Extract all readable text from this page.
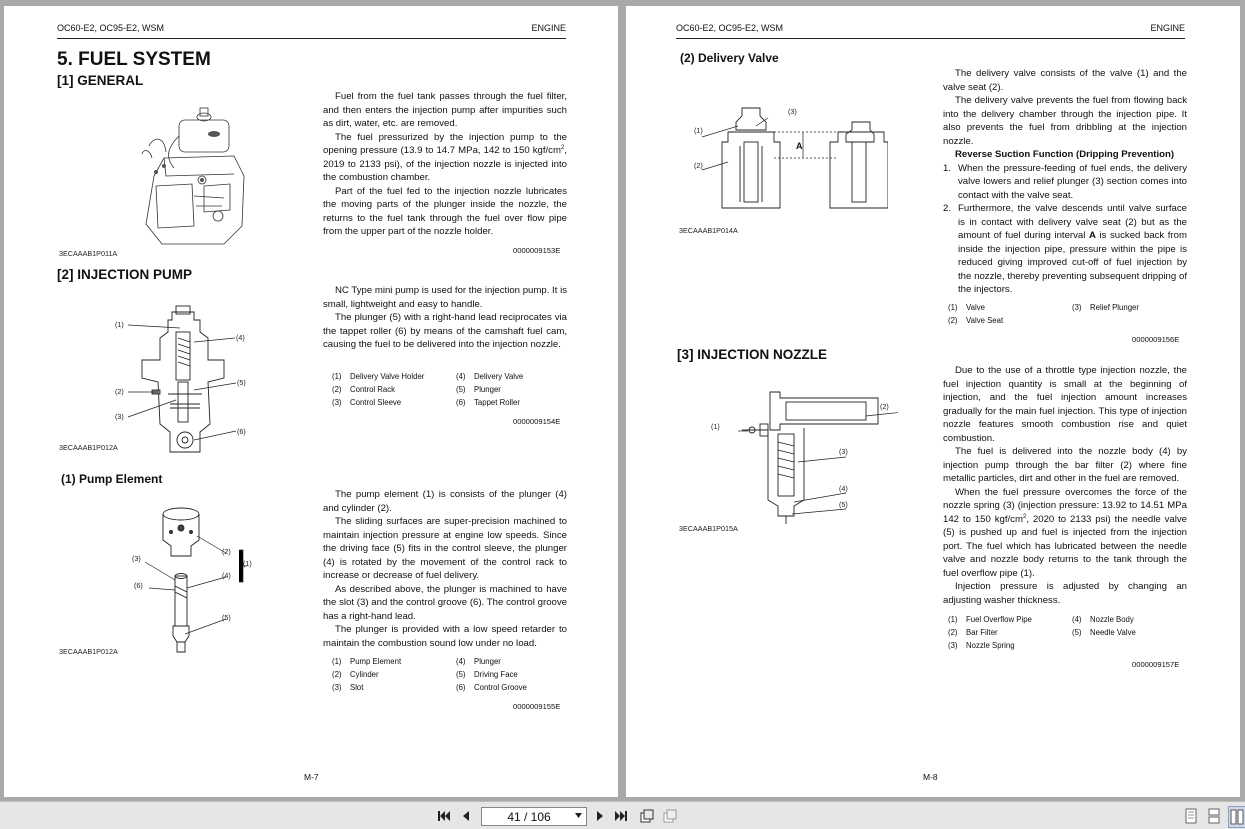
OC60-E2, OC95-E2, WSM	ENGINE
5. FUEL SYSTEM
[1] GENERAL
3ECAAAB1P011A

Fuel from the fuel tank passes through the fuel filter, and then enters the injection pump after impurities such as dirt, water, etc. are removed.

The fuel pressurized by the injection pump to the opening pressure (13.9 to 14.7 MPa, 142 to 150 kgf/$cm^2$, 2019 to 2133 psi), of the injection nozzle is injected into the combustion chamber.

Part of the fuel fed to the injection nozzle lubricates the moving parts of the plunger inside the nozzle, the returns to the fuel tank through the fuel over flow pipe from the upper part of the nozzle holder.

0000009153E
[2] INJECTION PUMP
(1)
(4)
(5)
(2)
(3)
(6)
3ECAAAB1P012A

NC Type mini pump is used for the injection pump. It is small, lightweight and easy to handle.

The plunger (5) with a right-hand lead reciprocates via the tappet roller (6) by means of the camshaft fuel cam, causing the fuel to be delivered into the injection nozzle.

(1)	Delivery Valve Holder	(4)	Delivery Valve
(2)	Control Rack	(5)	Plunger
(3)	Control Sleeve	(6)	Tappet Roller
0000009154E
(1) Pump Element
(2)
(1)
(3)
(4)
(6)
(5)
3ECAAAB1P012A

The pump element (1) is consists of the plunger (4) and cylinder (2).

The sliding surfaces are super-precision machined to maintain injection pressure at engine low speeds. Since the driving face (5) fits in the control sleeve, the plunger (4) is rotated by the movement of the control rack to increase or decrease of fuel delivery.

As described above, the plunger is machined to have the slot (3) and the control groove (6). The control groove has a right-hand lead.

The plunger is provided with a low speed retarder to maintain the combustion sound low under no load.

(1)	Pump Element	(4)	Plunger
(2)	Cylinder	(5)	Driving Face
(3)	Slot	(6)	Control Groove
0000009155E
M-7
OC60-E2, OC95-E2, WSM	ENGINE
(2) Delivery Valve
(3)
(1)
(2)
A
3ECAAAB1P014A

The delivery valve consists of the valve (1) and the valve seat (2).

The delivery valve prevents the fuel from flowing back into the delivery chamber through the injection pipe. It also prevents the fuel from dribbling at the injection nozzle.

Reverse Suction Function (Dripping Prevention)

1. When the pressure-feeding of fuel ends, the delivery valve lowers and relief plunger (3) section comes into contact with the valve seat.
2. Furthermore, the valve descends until valve surface is in contact with delivery valve seat (2) but as the amount of fuel during interval A is sucked back from inside the injection pipe, pressure within the pipe is reduced giving improved cut-off of fuel injection by the nozzle, thereby preventing subsequent dripping of the injectors.
(1)	Valve	(3)	Relief Plunger
(2)	Valve Seat
0000009156E
[3] INJECTION NOZZLE
(2)
(1)
(3)
(4)
(5)
3ECAAAB1P015A

Due to the use of a throttle type injection nozzle, the fuel injection quantity is small at the beginning of injection, and the fuel injection amount increases gradually for the main fuel injection. This type of injection nozzle features smooth combustion rise and quiet combustion.

The fuel is delivered into the nozzle body (4) by injection pump through the bar filter (2) where fine metallic particles, dirt and other in the fuel are removed.

When the fuel pressure overcomes the force of the nozzle spring (3) (injection pressure: 13.92 to 14.51 MPa 142 to 150 kgf/$cm^2$, 2020 to 2133 psi) the needle valve (5) is pushed up and fuel is injected from the injection port. The fuel which has lubricated between the needle valve and nozzle body returns to the tank through the fuel overflow pipe (1).

Injection pressure is adjusted by changing an adjusting washer thickness.

(1)	Fuel Overflow Pipe	(4)	Nozzle Body
(2)	Bar Filter	(5)	Needle Valve
(3)	Nozzle Spring
0000009157E
M-8
41 / 106
